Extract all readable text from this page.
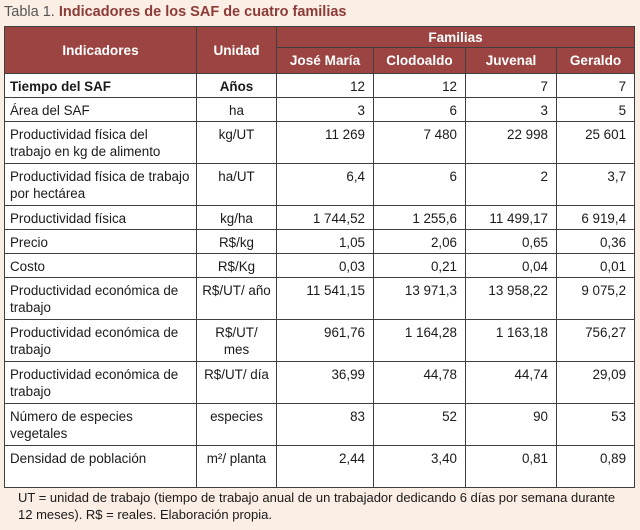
Tabla 1. Indicadores de los SAF de cuatro familias
Indicadores	Unidad	Familias			
		José María	Clodoaldo	Juvenal	Geraldo
Tiempo del SAF	Años	12	12	7	7
Área del SAF	ha	3	6	3	5
Productividad física del trabajo en kg de alimento	kg/UT	11 269	7 480	22 998	25 601
Productividad física de trabajo por hectárea	ha/UT	6,4	6	2	3,7
Productividad física	kg/ha	1 744,52	1 255,6	11 499,17	6 919,4
Precio	R$/kg	1,05	2,06	0,65	0,36
Costo	R$/Kg	0,03	0,21	0,04	0,01
Productividad económica de trabajo	R$/UT/ año	11 541,15	13 971,3	13 958,22	9 075,2
Productividad económica de trabajo	R$/UT/ mes	961,76	1 164,28	1 163,18	756,27
Productividad económica de trabajo	R$/UT/ día	36,99	44,78	44,74	29,09
Número de especies vegetales	especies	83	52	90	53
Densidad de población	m²/ planta	2,44	3,40	0,81	0,89
UT = unidad de trabajo (tiempo de trabajo anual de un trabajador dedicando 6 días por semana durante 12 meses). R$ = reales. Elaboración propia.
